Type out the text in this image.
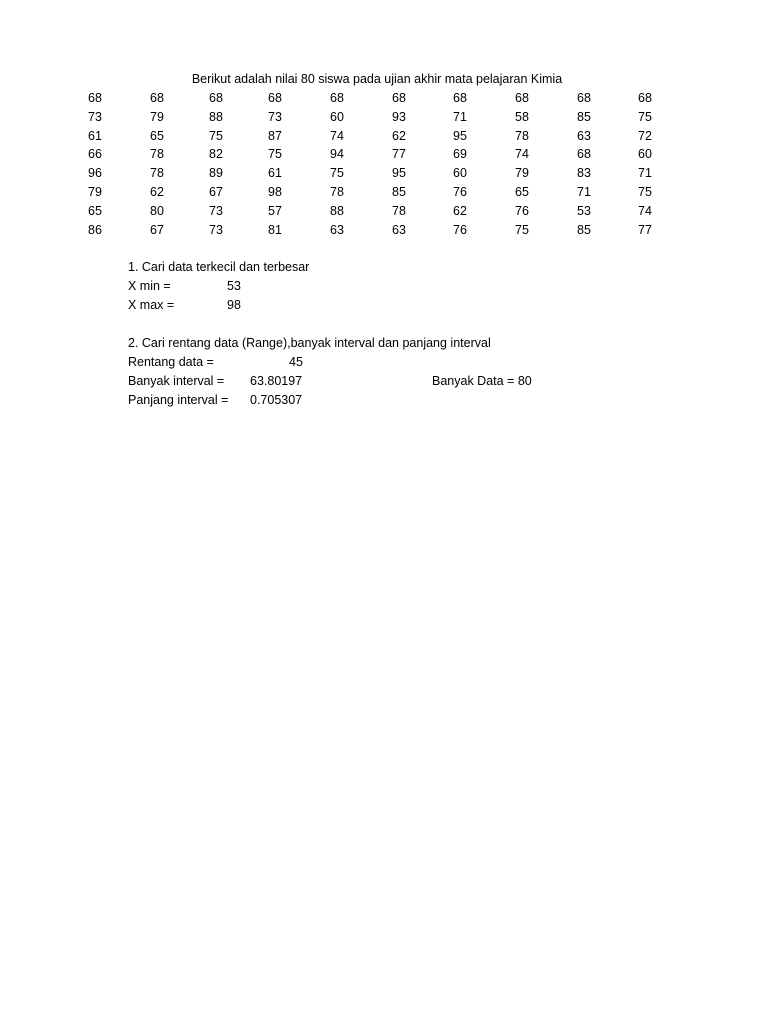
Berikut adalah nilai 80 siswa pada ujian akhir mata pelajaran Kimia
68	68	68	68	68	68	68	68	68	68
73	79	88	73	60	93	71	58	85	75
61	65	75	87	74	62	95	78	63	72
66	78	82	75	94	77	69	74	68	60
96	78	89	61	75	95	60	79	83	71
79	62	67	98	78	85	76	65	71	75
65	80	73	57	88	78	62	76	53	74
86	67	73	81	63	63	76	75	85	77
1. Cari data terkecil dan terbesar
X min =	53
X max =	98
2. Cari rentang data (Range),banyak interval dan panjang interval
Rentang data =	45
Banyak interval = 63.80197	Banyak Data = 80
Panjang interval = 0.705307
